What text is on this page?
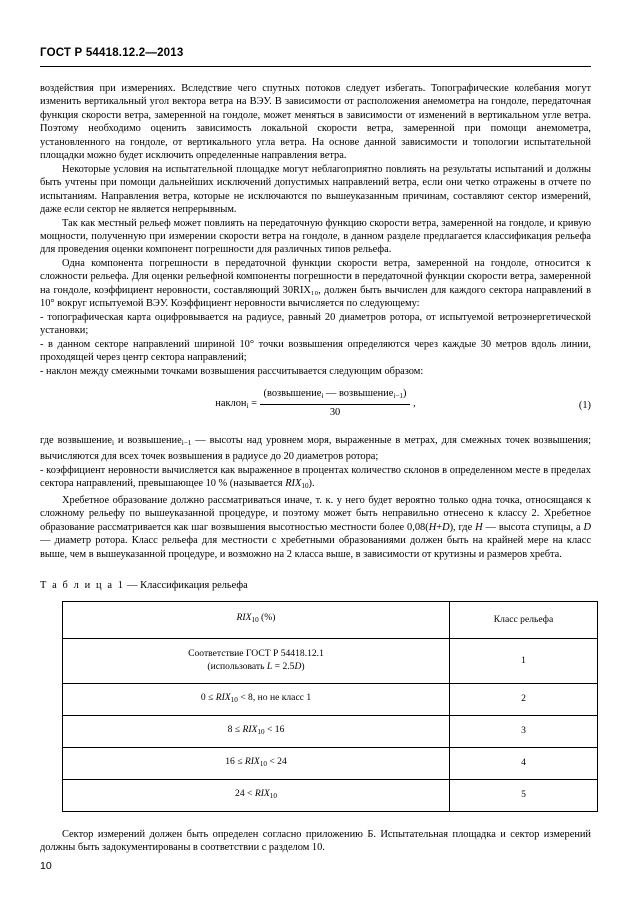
ГОСТ Р 54418.12.2—2013

воздействия при измерениях. Вследствие чего спутных потоков следует избегать. Топографические колебания могут изменить вертикальный угол вектора ветра на ВЭУ. В зависимости от расположения анемометра на гондоле, передаточная функция скорости ветра, замеренной на гондоле, может меняться в зависимости от изменений в вертикальном угле ветра. Поэтому необходимо оценить зависимость локальной скорости ветра, замеренной при помощи анемометра, установленного на гондоле, от вертикального угла ветра. На основе данной зависимости и топологии испытательной площадки можно будет исключить определенные направления ветра.

Некоторые условия на испытательной площадке могут неблагоприятно повлиять на результаты испытаний и должны быть учтены при помощи дальнейших исключений допустимых направлений ветра, если они четко отражены в отчете по испытаниям. Направления ветра, которые не исключаются по вышеуказанным причинам, составляют сектор измерений, даже если сектор не является непрерывным.

Так как местный рельеф может повлиять на передаточную функцию скорости ветра, замеренной на гондоле, и кривую мощности, полученную при измерении скорости ветра на гондоле, в данном разделе предлагается классификация рельефа для проведения оценки компонент погрешности для различных типов рельефа.

Одна компонента погрешности в передаточной функции скорости ветра, замеренной на гондоле, относится к сложности рельефа. Для оценки рельефной компоненты погрешности в передаточной функции скорости ветра, замеренной на гондоле, коэффициент неровности, составляющий 30RIX₁₀, должен быть вычислен для каждого сектора направлений в 10° вокруг испытуемой ВЭУ. Коэффициент неровности вычисляется по следующему:

- топографическая карта оцифровывается на радиусе, равный 20 диаметров ротора, от испытуемой ветроэнергетической установки;

- в данном секторе направлений шириной 10° точки возвышения определяются через каждые 30 метров вдоль линии, проходящей через центр сектора направлений;

- наклон между смежными точками возвышения рассчитывается следующим образом:

наклон$_i$ = $\frac{(возвышение_i — возвышение_{i-1})}{30}$ ,	(1)

где возвышение$_i$ и возвышение$_{i-1}$ — высоты над уровнем моря, выраженные в метрах, для смежных точек возвышения; вычисляются для всех точек возвышения в радиусе до 20 диаметров ротора;

- коэффициент неровности вычисляется как выраженное в процентах количество склонов в определенном месте в пределах сектора направлений, превышающее 10 % (называется $RIX_{10}$).

Хребетное образование должно рассматриваться иначе, т. к. у него будет вероятно только одна точка, относящаяся к сложному рельефу по вышеуказанной процедуре, и поэтому может быть неправильно отнесено к классу 2. Хребетное образование рассматривается как шаг возвышения высотностью местности более 0,08(H+D), где H — высота ступицы, а D — диаметр ротора. Класс рельефа для местности с хребетными образованиями должен быть на крайней мере на класс выше, чем в вышеуказанной процедуре, и возможно на 2 класса выше, в зависимости от крутизны и размеров хребта.

Т а б л и ц а 1 — Классификация рельефа
$RIX_{10}$ (%)	Класс рельефа
Соответствие ГОСТ Р 54418.12.1
(использовать L = 2.5D)	1
$0 \le RIX_{10} < 8$, но не класс 1	2
$8 \le RIX_{10} < 16$	3
$16 \le RIX_{10} < 24$	4
$24 < RIX_{10}$	5

Сектор измерений должен быть определен согласно приложению Б. Испытательная площадка и сектор измерений должны быть задокументированы в соответствии с разделом 10.

10
